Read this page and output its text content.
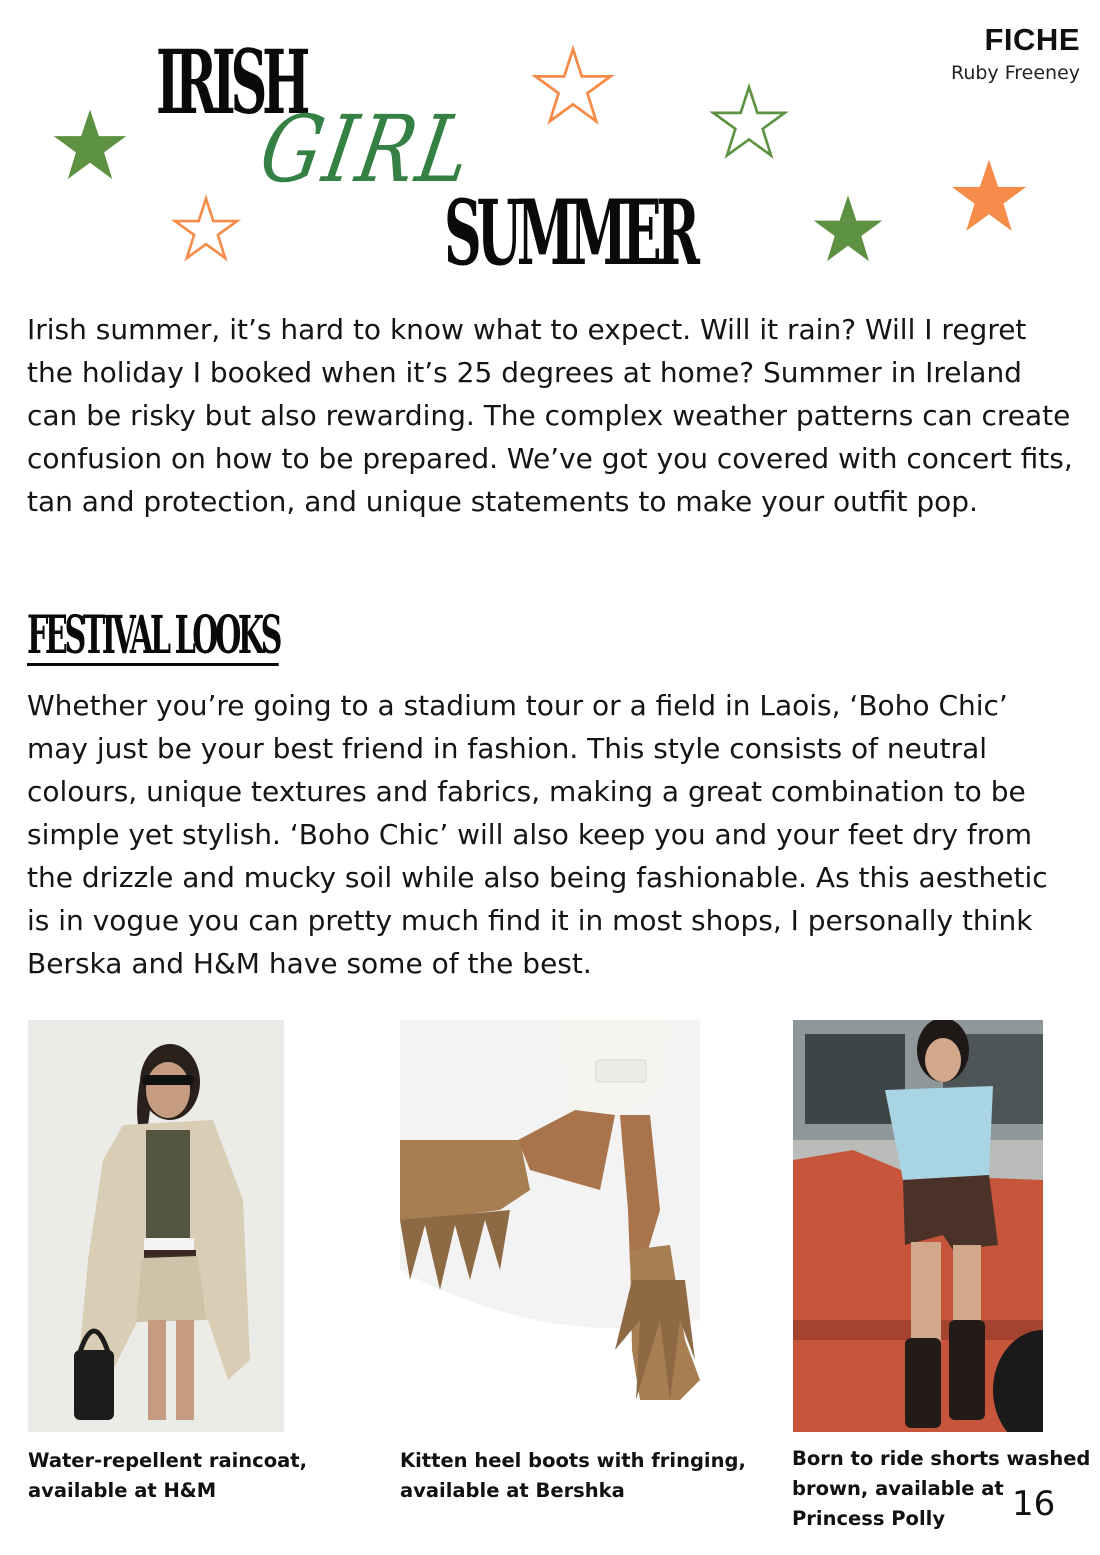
FICHE
Ruby Freeney
IRISH
GIRL
SUMMER

Irish summer, it’s hard to know what to expect. Will it rain? Will I regret the holiday I booked when it’s 25 degrees at home? Summer in Ireland can be risky but also rewarding. The complex weather patterns can create confusion on how to be prepared. We’ve got you covered with concert fits, tan and protection, and unique statements to make your outfit pop.

FESTIVAL LOOKS

Whether you’re going to a stadium tour or a field in Laois, ‘Boho Chic’ may just be your best friend in fashion. This style consists of neutral colours, unique textures and fabrics, making a great combination to be simple yet stylish. ‘Boho Chic’ will also keep you and your feet dry from the drizzle and mucky soil while also being fashionable. As this aesthetic is in vogue you can pretty much find it in most shops, I personally think Berska and H&M have some of the best.

Water-repellent raincoat, available at H&M

Kitten heel boots with fringing, available at Bershka

Born to ride shorts washed brown, available at Princess Polly	16
